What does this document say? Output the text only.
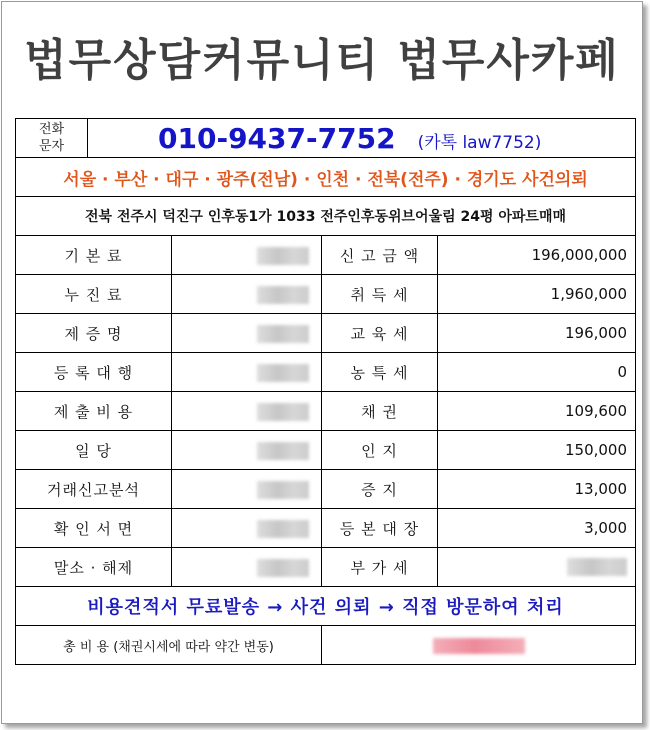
법무상담커뮤니티 법무사카페
전화
문자	010-9437-7752 (카톡 law7752)			
서울 · 부산 · 대구 · 광주(전남) · 인천 · 전북(전주) · 경기도 사건의뢰				
전북 전주시 덕진구 인후동1가 1033 전주인후동위브어울림 24평 아파트매매				
기 본 료			신 고 금 액	196,000,000
누 진 료			취 득 세	1,960,000
제 증 명			교 육 세	196,000
등 록 대 행			농 특 세	0
제 출 비 용			채 권	109,600
일 당			인 지	150,000
거래신고분석			증 지	13,000
확 인 서 면			등 본 대 장	3,000
말소 · 해제			부 가 세	
비용견적서 무료발송 → 사건 의뢰 → 직접 방문하여 처리				
총 비 용 (채권시세에 따라 약간 변동)				
